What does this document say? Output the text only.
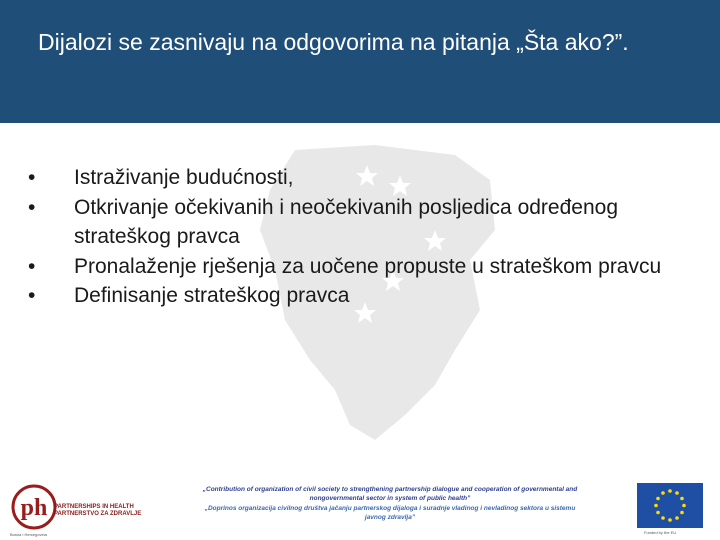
Dijalozi se zasnivaju na odgovorima na pitanja „Šta ako?”.
•	Istraživanje budućnosti,
•	Otkrivanje očekivanih i neočekivanih posljedica određenog strateškog pravca
•	Pronalaženje rješenja za uočene propuste u strateškom pravcu
•	Definisanje strateškog pravca
ph PARTNERSHIPS IN HEALTH
PARTNERSTVO ZA ZDRAVLJE
Bosna i Hercegovina
„Contribution of organization of civil society to strengthening partnership dialogue and cooperation of governmental and nongovernmental sector in system of public health”
„Doprinos organizacija civilnog društva jačanju partnerskog dijaloga i suradnje vladinog i nevladinog sektora u sistemu javnog zdravlja”
Funded by the EU
